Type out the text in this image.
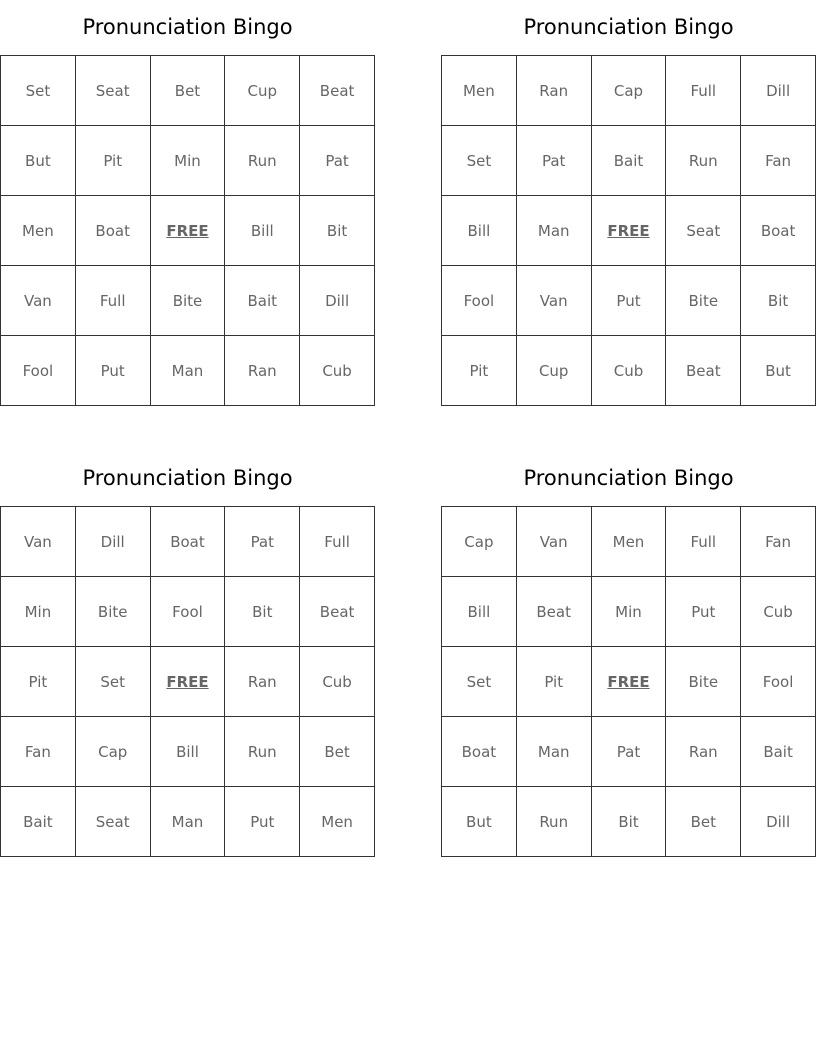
Pronunciation Bingo
Set	Seat	Bet	Cup	Beat
But	Pit	Min	Run	Pat
Men	Boat	FREE	Bill	Bit
Van	Full	Bite	Bait	Dill
Fool	Put	Man	Ran	Cub
Pronunciation Bingo
Men	Ran	Cap	Full	Dill
Set	Pat	Bait	Run	Fan
Bill	Man	FREE	Seat	Boat
Fool	Van	Put	Bite	Bit
Pit	Cup	Cub	Beat	But
Pronunciation Bingo
Van	Dill	Boat	Pat	Full
Min	Bite	Fool	Bit	Beat
Pit	Set	FREE	Ran	Cub
Fan	Cap	Bill	Run	Bet
Bait	Seat	Man	Put	Men
Pronunciation Bingo
Cap	Van	Men	Full	Fan
Bill	Beat	Min	Put	Cub
Set	Pit	FREE	Bite	Fool
Boat	Man	Pat	Ran	Bait
But	Run	Bit	Bet	Dill
